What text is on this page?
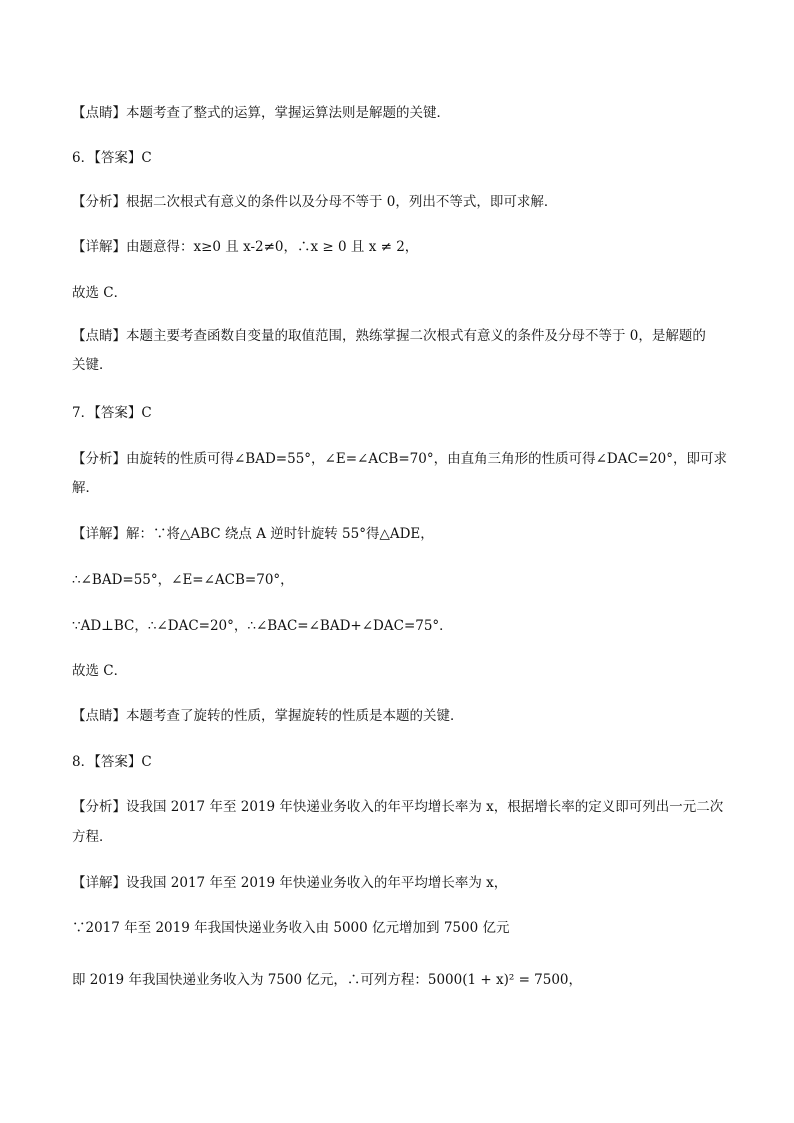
【点睛】本题考查了整式的运算，掌握运算法则是解题的关键．
6．【答案】C
【分析】根据二次根式有意义的条件以及分母不等于 0，列出不等式，即可求解．
【详解】由题意得：x≥0 且 x-2≠0，∴x ≥ 0 且 x ≠ 2，
故选 C．
【点睛】本题主要考查函数自变量的取值范围，熟练掌握二次根式有意义的条件及分母不等于 0，是解题的
关键．
7．【答案】C
【分析】由旋转的性质可得∠BAD=55°，∠E=∠ACB=70°，由直角三角形的性质可得∠DAC=20°，即可求
解．
【详解】解：∵将△ABC 绕点 A 逆时针旋转 55°得△ADE，
∴∠BAD=55°，∠E=∠ACB=70°，
∵AD⊥BC，∴∠DAC=20°，∴∠BAC=∠BAD+∠DAC=75°．
故选 C．
【点睛】本题考查了旋转的性质，掌握旋转的性质是本题的关键．
8．【答案】C
【分析】设我国 2017 年至 2019 年快递业务收入的年平均增长率为 x，根据增长率的定义即可列出一元二次
方程．
【详解】设我国 2017 年至 2019 年快递业务收入的年平均增长率为 x，
∵2017 年至 2019 年我国快递业务收入由 5000 亿元增加到 7500 亿元
即 2019 年我国快递业务收入为 7500 亿元，∴可列方程：5000(1 + x)² = 7500，
